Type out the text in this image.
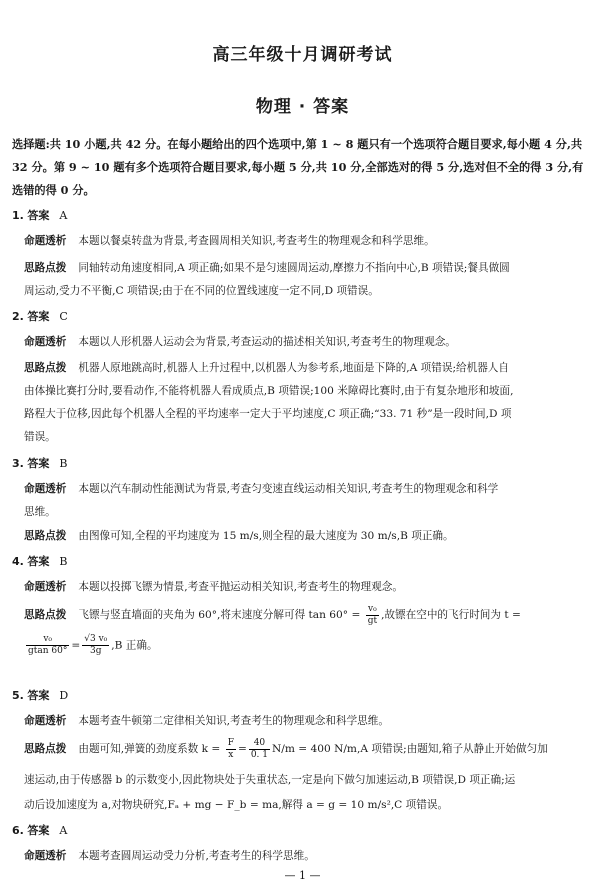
高三年级十月调研考试
物理 · 答案
选择题:共 10 小题,共 42 分。在每小题给出的四个选项中,第 1 ~ 8 题只有一个选项符合题目要求,每小题 4 分,共 32 分。第 9 ~ 10 题有多个选项符合题目要求,每小题 5 分,共 10 分,全部选对的得 5 分,选对但不全的得 3 分,有选错的得 0 分。
1. 答案 A
命题透析 本题以餐桌转盘为背景,考查圆周相关知识,考查考生的物理观念和科学思维。
思路点拨 同轴转动角速度相同,A 项正确;如果不是匀速圆周运动,摩擦力不指向中心,B 项错误;餐具做圆
周运动,受力不平衡,C 项错误;由于在不同的位置线速度一定不同,D 项错误。
2. 答案 C
命题透析 本题以人形机器人运动会为背景,考查运动的描述相关知识,考查考生的物理观念。
思路点拨 机器人原地跳高时,机器人上升过程中,以机器人为参考系,地面是下降的,A 项错误;给机器人自
由体操比赛打分时,要看动作,不能将机器人看成质点,B 项错误;100 米障碍比赛时,由于有复杂地形和坡面,
路程大于位移,因此每个机器人全程的平均速率一定大于平均速度,C 项正确;“33. 71 秒”是一段时间,D 项
错误。
3. 答案 B
命题透析 本题以汽车制动性能测试为背景,考查匀变速直线运动相关知识,考查考生的物理观念和科学
思维。
思路点拨 由图像可知,全程的平均速度为 15 m/s,则全程的最大速度为 30 m/s,B 项正确。
4. 答案 B
命题透析 本题以投掷飞镖为情景,考查平抛运动相关知识,考查考生的物理观念。
思路点拨 飞镖与竖直墙面的夹角为 60°,将末速度分解可得 $\tan 60^\circ = \frac{\text{v₀}}{gt}$ ,故镖在空中的飞行时间为 t =
$\frac{\text{v₀}}{gtan 60^\circ} = \frac{\text{√3 v₀}}{3g} ,B$ 正确。
5. 答案 D
命题透析 本题考查牛顿第二定律相关知识,考查考生的物理观念和科学思维。
思路点拨 由题可知,弹簧的劲度系数 $k = \frac{F}{x} = \frac{40}{0. 1} N/m = 400$ N/m,A 项错误;由题知,箱子从静止开始做匀加
速运动,由于传感器 b 的示数变小,因此物块处于失重状态,一定是向下做匀加速运动,B 项错误,D 项正确;运
动后设加速度为 a,对物块研究,Fₐ + mg − F_b = ma,解得 a = g = 10 m/s²,C 项错误。
6. 答案 A
命题透析 本题考查圆周运动受力分析,考查考生的科学思维。
— 1 —
